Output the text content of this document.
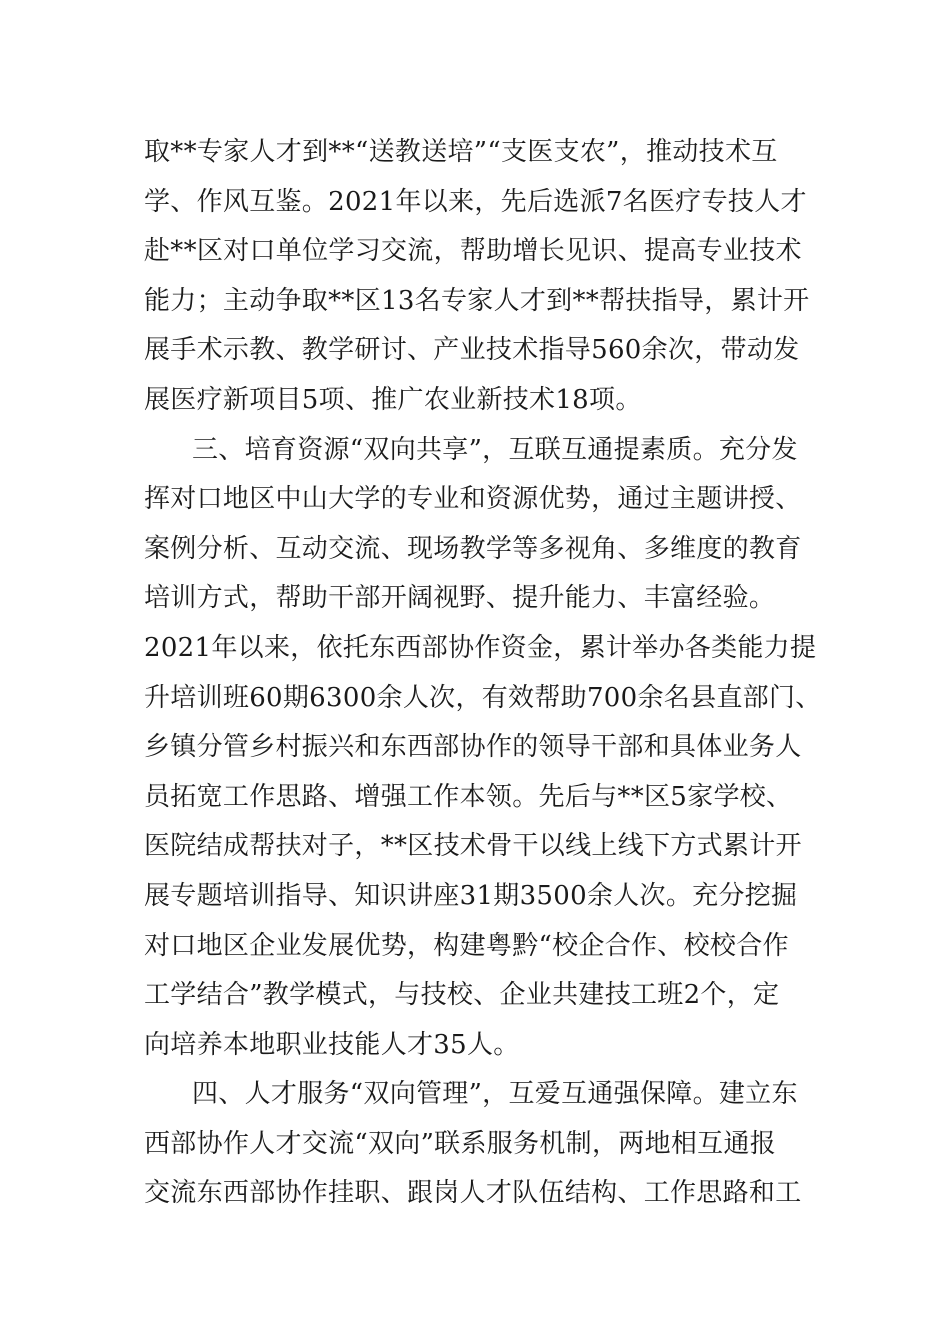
取**专家人才到**“送教送培”“支医支农”，推动技术互
学、作风互鉴。2021年以来，先后选派7名医疗专技人才
赴**区对口单位学习交流，帮助增长见识、提高专业技术
能力；主动争取**区13名专家人才到**帮扶指导，累计开
展手术示教、教学研讨、产业技术指导560余次，带动发
展医疗新项目5项、推广农业新技术18项。
三、培育资源“双向共享”，互联互通提素质。充分发
挥对口地区中山大学的专业和资源优势，通过主题讲授、
案例分析、互动交流、现场教学等多视角、多维度的教育
培训方式，帮助干部开阔视野、提升能力、丰富经验。
2021年以来，依托东西部协作资金，累计举办各类能力提
升培训班60期6300余人次，有效帮助700余名县直部门、
乡镇分管乡村振兴和东西部协作的领导干部和具体业务人
员拓宽工作思路、增强工作本领。先后与**区5家学校、
医院结成帮扶对子，**区技术骨干以线上线下方式累计开
展专题培训指导、知识讲座31期3500余人次。充分挖掘
对口地区企业发展优势，构建粤黔“校企合作、校校合作
工学结合”教学模式，与技校、企业共建技工班2个，定
向培养本地职业技能人才35人。
四、人才服务“双向管理”，互爱互通强保障。建立东
西部协作人才交流“双向”联系服务机制，两地相互通报
交流东西部协作挂职、跟岗人才队伍结构、工作思路和工
